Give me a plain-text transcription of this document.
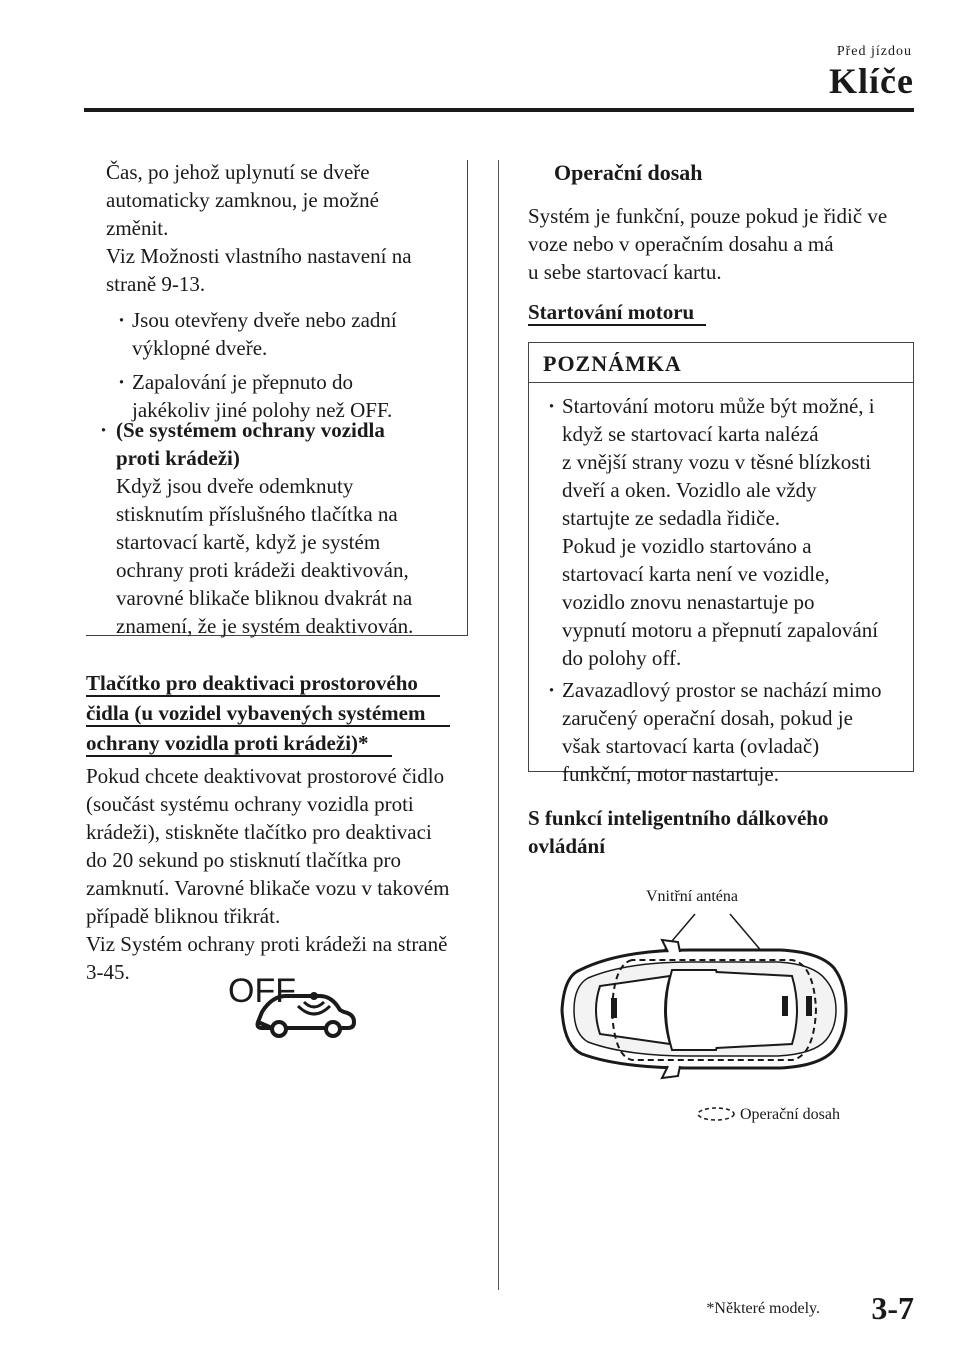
Před jízdou
Klíče
Čas, po jehož uplynutí se dveře
automaticky zamknou, je možné
změnit.
Viz Možnosti vlastního nastavení na
straně 9-13.
· Jsou otevřeny dveře nebo zadní
výklopné dveře.
· Zapalování je přepnuto do
jakékoliv jiné polohy než OFF.
· (Se systémem ochrany vozidla
proti krádeži)
Když jsou dveře odemknuty
stisknutím příslušného tlačítka na
startovací kartě, když je systém
ochrany proti krádeži deaktivován,
varovné blikače bliknou dvakrát na
znamení, že je systém deaktivován.
Tlačítko pro deaktivaci prostorového
čidla (u vozidel vybavených systémem
ochrany vozidla proti krádeži)*
Pokud chcete deaktivovat prostorové čidlo
(součást systému ochrany vozidla proti
krádeži), stiskněte tlačítko pro deaktivaci
do 20 sekund po stisknutí tlačítka pro
zamknutí. Varovné blikače vozu v takovém
případě bliknou třikrát.
Viz Systém ochrany proti krádeži na straně
3-45.	OFF
Operační dosah
Systém je funkční, pouze pokud je řidič ve
voze nebo v operačním dosahu a má
u sebe startovací kartu.
Startování motoru
POZNÁMKA
· Startování motoru může být možné, i
když se startovací karta nalézá
z vnější strany vozu v těsné blízkosti
dveří a oken. Vozidlo ale vždy
startujte ze sedadla řidiče.
Pokud je vozidlo startováno a
startovací karta není ve vozidle,
vozidlo znovu nenastartuje po
vypnutí motoru a přepnutí zapalování
do polohy off.
· Zavazadlový prostor se nachází mimo
zaručený operační dosah, pokud je
však startovací karta (ovladač)
funkční, motor nastartuje.
S funkcí inteligentního dálkového
ovládání
Vnitřní anténa
Operační dosah
*Některé modely. 3-7
